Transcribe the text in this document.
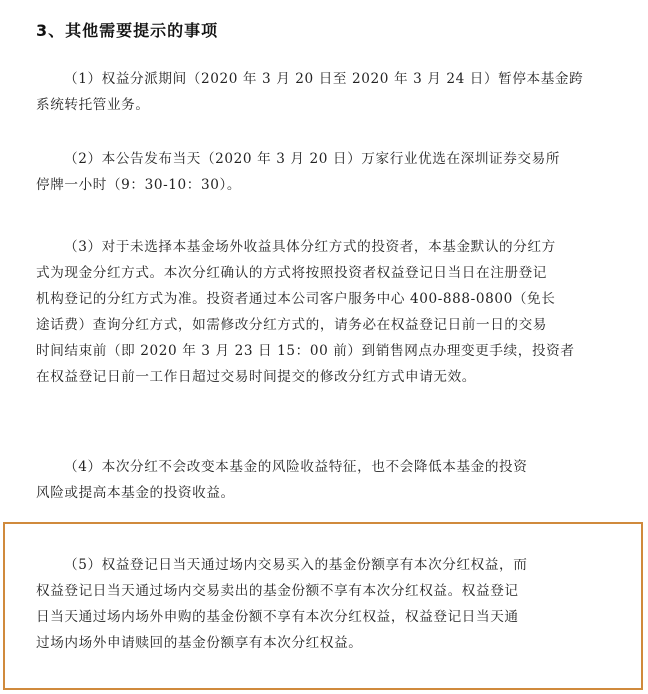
3、其他需要提示的事项
（1）权益分派期间（2020 年 3 月 20 日至 2020 年 3 月 24 日）暂停本基金跨
系统转托管业务。
（2）本公告发布当天（2020 年 3 月 20 日）万家行业优选在深圳证券交易所
停牌一小时（9：30-10：30）。
（3）对于未选择本基金场外收益具体分红方式的投资者，本基金默认的分红方
式为现金分红方式。本次分红确认的方式将按照投资者权益登记日当日在注册登记
机构登记的分红方式为准。投资者通过本公司客户服务中心 400-888-0800（免长
途话费）查询分红方式，如需修改分红方式的，请务必在权益登记日前一日的交易
时间结束前（即 2020 年 3 月 23 日 15：00 前）到销售网点办理变更手续，投资者
在权益登记日前一工作日超过交易时间提交的修改分红方式申请无效。
（4）本次分红不会改变本基金的风险收益特征，也不会降低本基金的投资
风险或提高本基金的投资收益。
（5）权益登记日当天通过场内交易买入的基金份额享有本次分红权益，而
权益登记日当天通过场内交易卖出的基金份额不享有本次分红权益。权益登记
日当天通过场内场外申购的基金份额不享有本次分红权益，权益登记日当天通
过场内场外申请赎回的基金份额享有本次分红权益。
